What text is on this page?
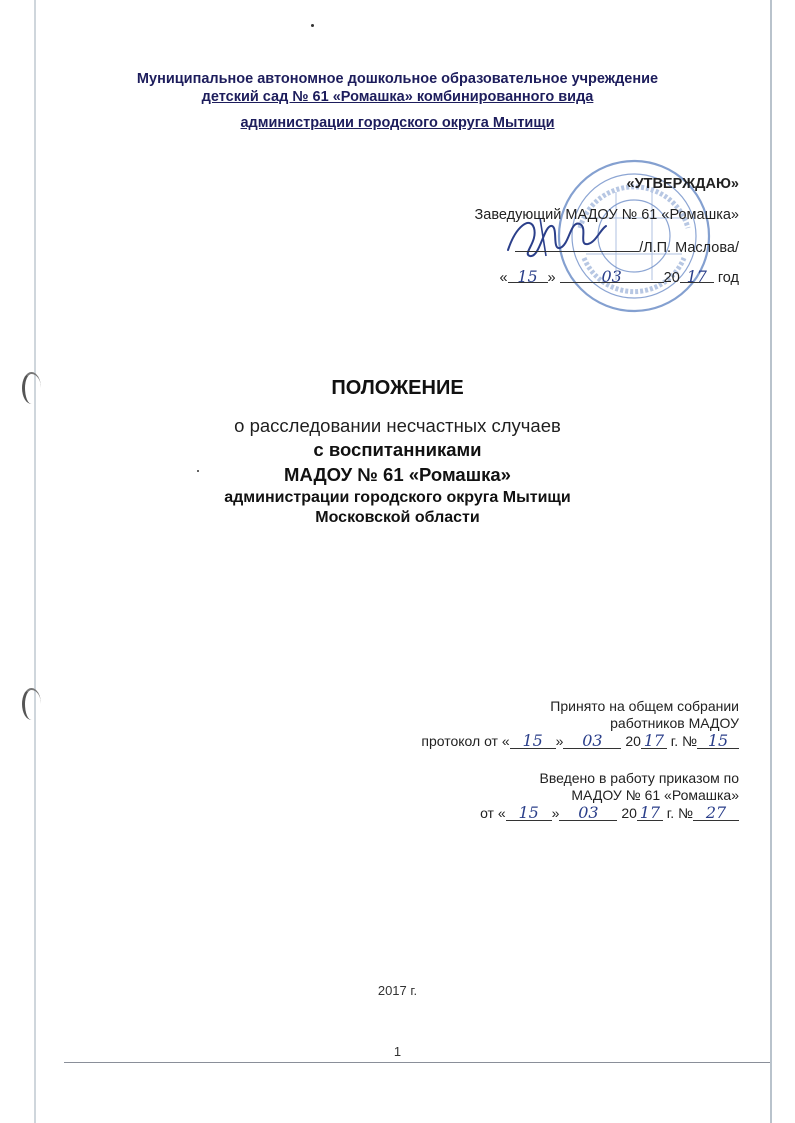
Муниципальное автономное дошкольное образовательное учреждение
детский сад № 61 «Ромашка» комбинированного вида
администрации городского округа Мытищи
«УТВЕРЖДАЮ»
Заведующий МАДОУ № 61 «Ромашка»
/Л.П. Маслова/
« 15 »	03	20 17 год
ПОЛОЖЕНИЕ
о расследовании несчастных случаев
с воспитанниками
МАДОУ № 61 «Ромашка»
администрации городского округа Мытищи
Московской области
Принято на общем собрании
работников МАДОУ
протокол от « 15 » 03 20 17 г. № 15
Введено в работу приказом по
МАДОУ № 61 «Ромашка»
от « 15 » 03 20 17 г. № 27
2017 г.
1
